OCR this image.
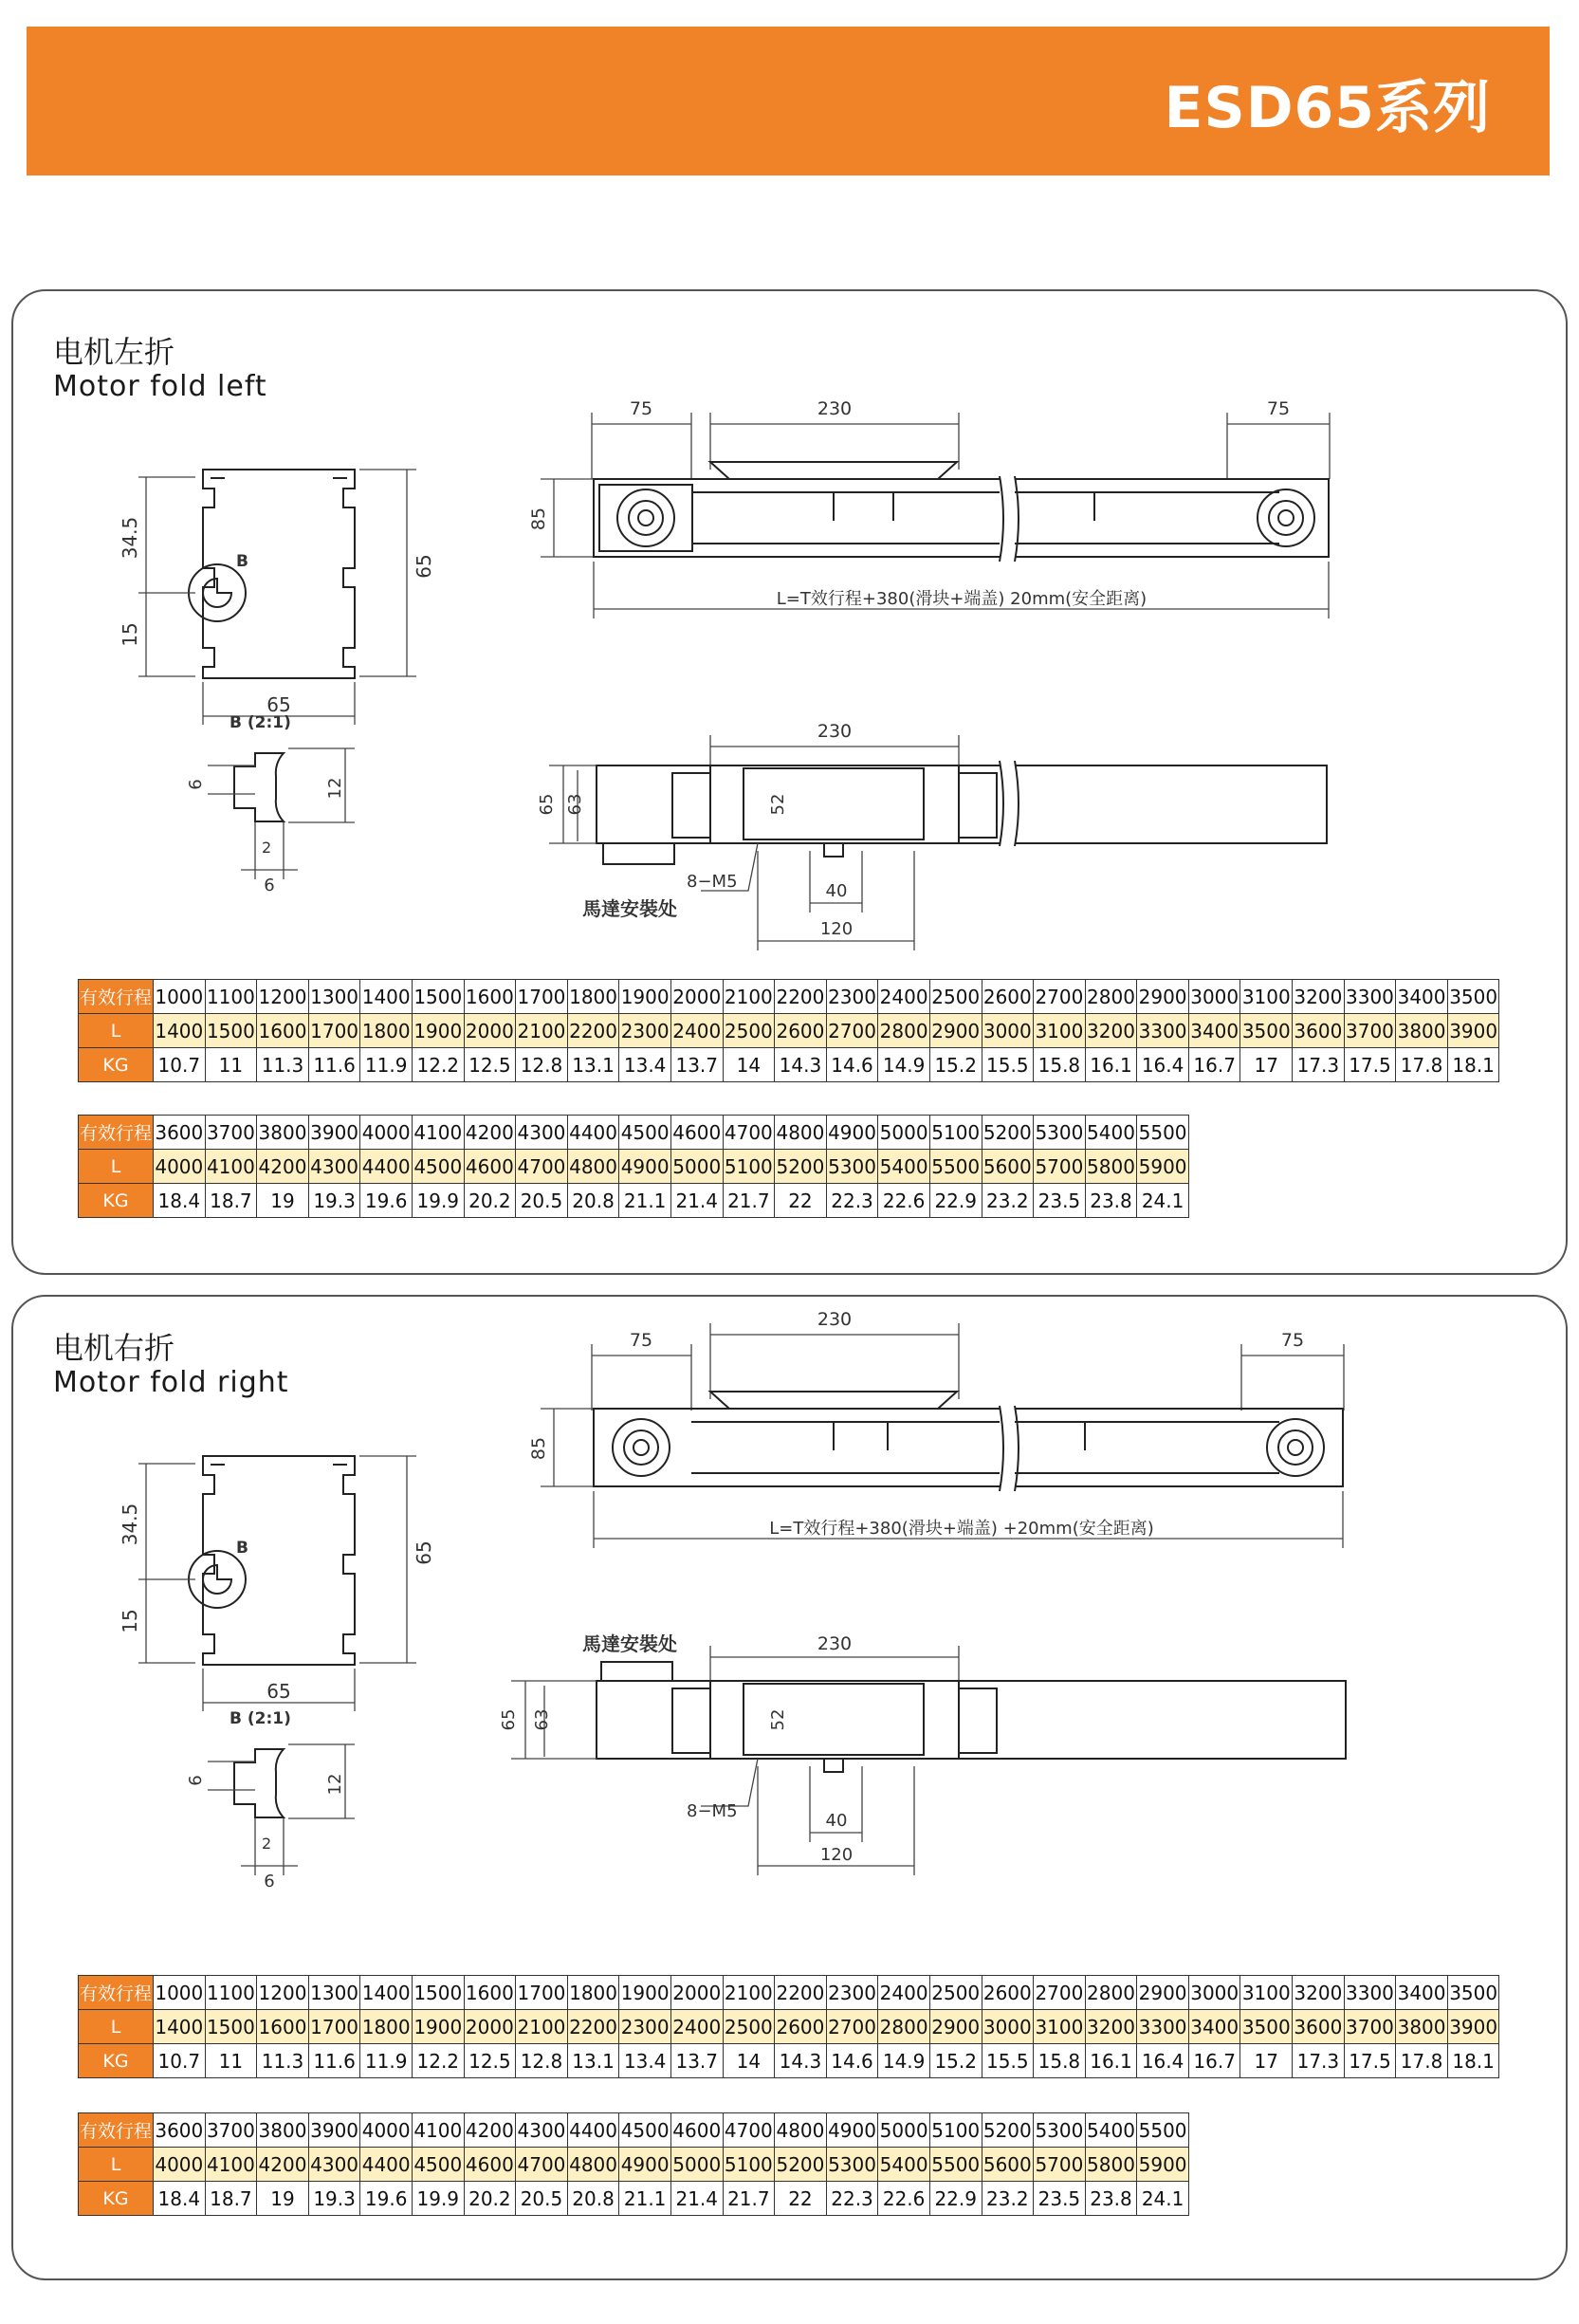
ESD65系列
电机左折
Motor fold left
B	65
65
34.5
15
B (2:1)
6	12
2
6
75	230	75
85
L=T效行程+380(滑块+端盖) 20mm(安全距离)
230
65 63	52
8−M5
馬達安裝处
40
120
有效行程	1000	1100	1200	1300	1400	1500	1600	1700	1800	1900	2000	2100	2200	2300	2400	2500	2600	2700	2800	2900	3000	3100	3200	3300	3400	3500
L	1400	1500	1600	1700	1800	1900	2000	2100	2200	2300	2400	2500	2600	2700	2800	2900	3000	3100	3200	3300	3400	3500	3600	3700	3800	3900
KG	10.7	11	11.3	11.6	11.9	12.2	12.5	12.8	13.1	13.4	13.7	14	14.3	14.6	14.9	15.2	15.5	15.8	16.1	16.4	16.7	17	17.3	17.5	17.8	18.1
有效行程	3600	3700	3800	3900	4000	4100	4200	4300	4400	4500	4600	4700	4800	4900	5000	5100	5200	5300	5400	5500
L	4000	4100	4200	4300	4400	4500	4600	4700	4800	4900	5000	5100	5200	5300	5400	5500	5600	5700	5800	5900
KG	18.4	18.7	19	19.3	19.6	19.9	20.2	20.5	20.8	21.1	21.4	21.7	22	22.3	22.6	22.9	23.2	23.5	23.8	24.1
电机右折
Motor fold right
B	65
65
34.5
15
B (2:1)
6	12
2
6
75
230
75
85
L=T效行程+380(滑块+端盖) +20mm(安全距离)
馬達安裝处	230
65 63	52
8−M5	40
120
有效行程	1000	1100	1200	1300	1400	1500	1600	1700	1800	1900	2000	2100	2200	2300	2400	2500	2600	2700	2800	2900	3000	3100	3200	3300	3400	3500
L	1400	1500	1600	1700	1800	1900	2000	2100	2200	2300	2400	2500	2600	2700	2800	2900	3000	3100	3200	3300	3400	3500	3600	3700	3800	3900
KG	10.7	11	11.3	11.6	11.9	12.2	12.5	12.8	13.1	13.4	13.7	14	14.3	14.6	14.9	15.2	15.5	15.8	16.1	16.4	16.7	17	17.3	17.5	17.8	18.1
有效行程	3600	3700	3800	3900	4000	4100	4200	4300	4400	4500	4600	4700	4800	4900	5000	5100	5200	5300	5400	5500
L	4000	4100	4200	4300	4400	4500	4600	4700	4800	4900	5000	5100	5200	5300	5400	5500	5600	5700	5800	5900
KG	18.4	18.7	19	19.3	19.6	19.9	20.2	20.5	20.8	21.1	21.4	21.7	22	22.3	22.6	22.9	23.2	23.5	23.8	24.1
